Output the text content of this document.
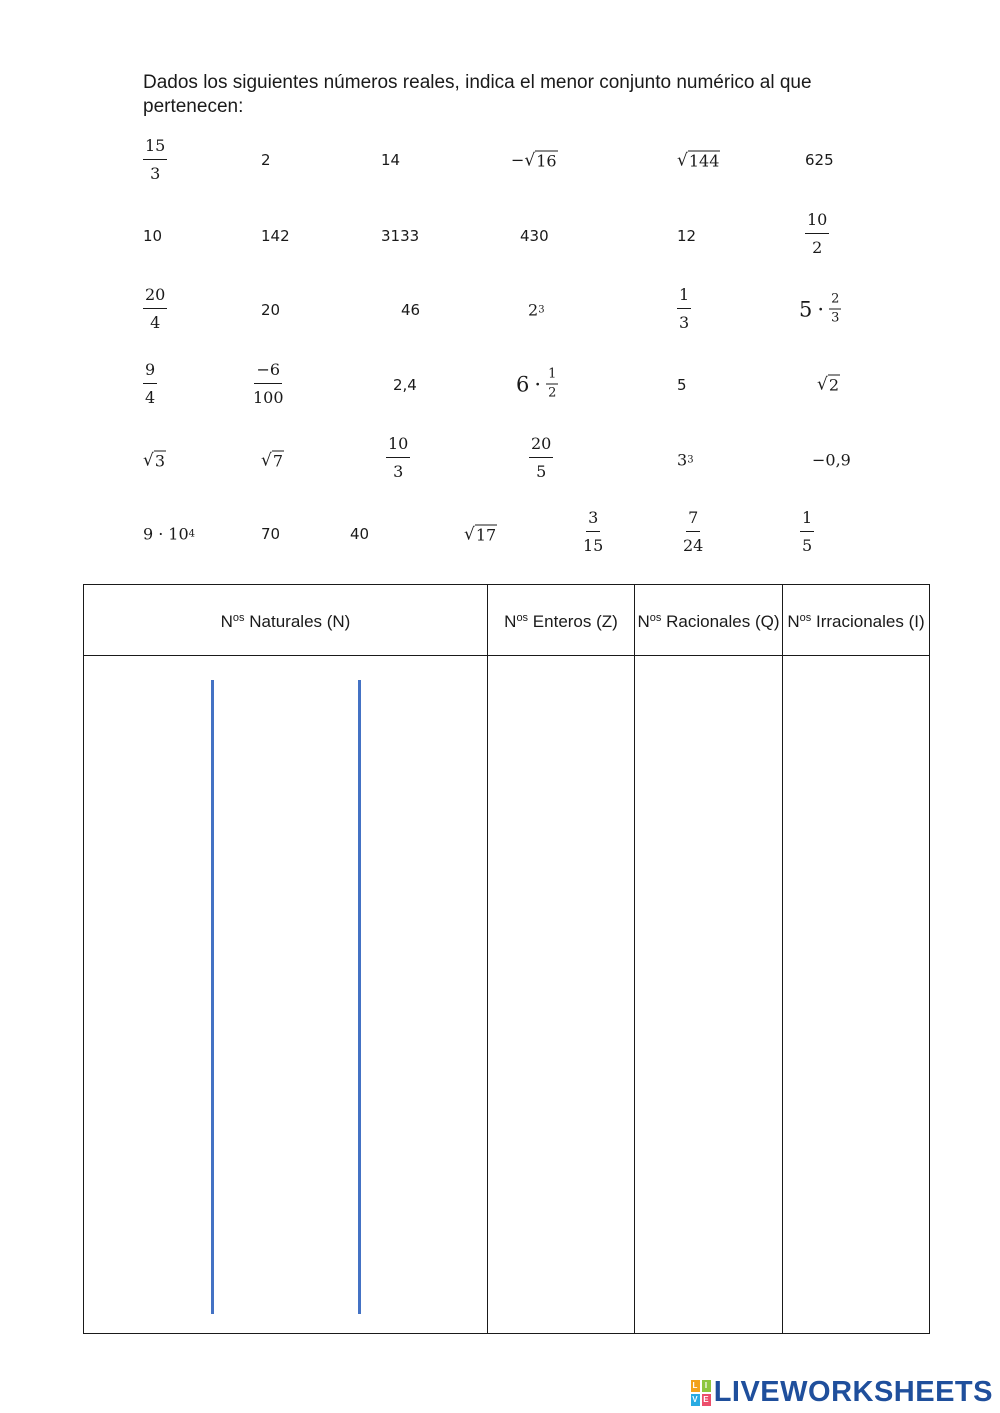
Dados los siguientes números reales, indica el menor conjunto numérico al que pertenecen:
$\frac{15}{3}$	2	14	− √ 16	√ 144	625
10	142	3133	430	12	$\frac{10}{2}$
$\frac{20}{4}$	20	46	2 3	$\frac{1}{3}$	$5 \cdot \frac{2}{3}$
$\frac{9}{4}$	$\frac{-6}{100}$	2,4	$6 \cdot \frac{1}{2}$	5	√ 2
√ 3	√ 7	$\frac{10}{3}$	$\frac{20}{5}$	3 3	−0,9
9 · 10 4	70	40	√ 17	$\frac{3}{15}$	$\frac{7}{24}$	$\frac{1}{5}$
$N^{os}$ Naturales (N)	$N^{os}$ Enteros (Z)	$N^{os}$ Racionales (Q)	$N^{os}$ Irracionales (I)

L I
V E LIVEWORKSHEETS
